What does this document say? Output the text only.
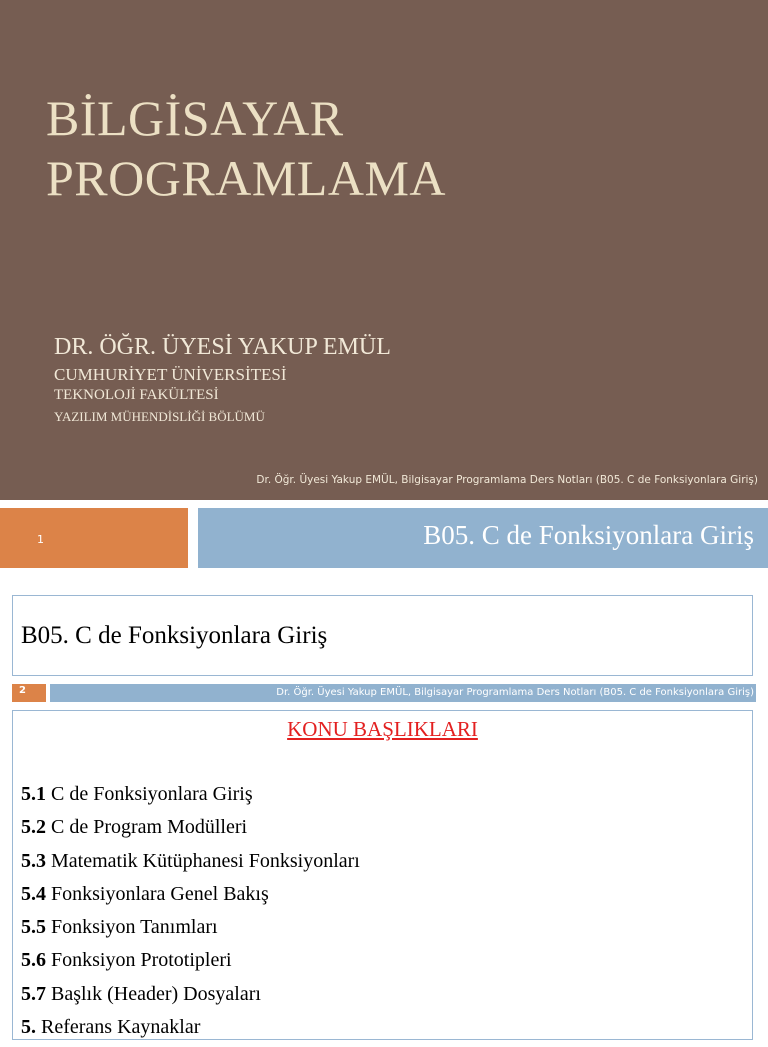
BİLGİSAYAR
PROGRAMLAMA
DR. ÖĞR. ÜYESİ YAKUP EMÜL
CUMHURİYET ÜNİVERSİTESİ
TEKNOLOJİ FAKÜLTESİ
YAZILIM MÜHENDİSLİĞİ BÖLÜMÜ
Dr. Öğr. Üyesi Yakup EMÜL, Bilgisayar Programlama Ders Notları (B05. C de Fonksiyonlara Giriş)
1	B05. C de Fonksiyonlara Giriş
B05. C de Fonksiyonlara Giriş
2	Dr. Öğr. Üyesi Yakup EMÜL, Bilgisayar Programlama Ders Notları (B05. C de Fonksiyonlara Giriş)
KONU BAŞLIKLARI
5.1 C de Fonksiyonlara Giriş
5.2 C de Program Modülleri
5.3 Matematik Kütüphanesi Fonksiyonları
5.4 Fonksiyonlara Genel Bakış
5.5 Fonksiyon Tanımları
5.6 Fonksiyon Prototipleri
5.7 Başlık (Header) Dosyaları
5. Referans Kaynaklar
